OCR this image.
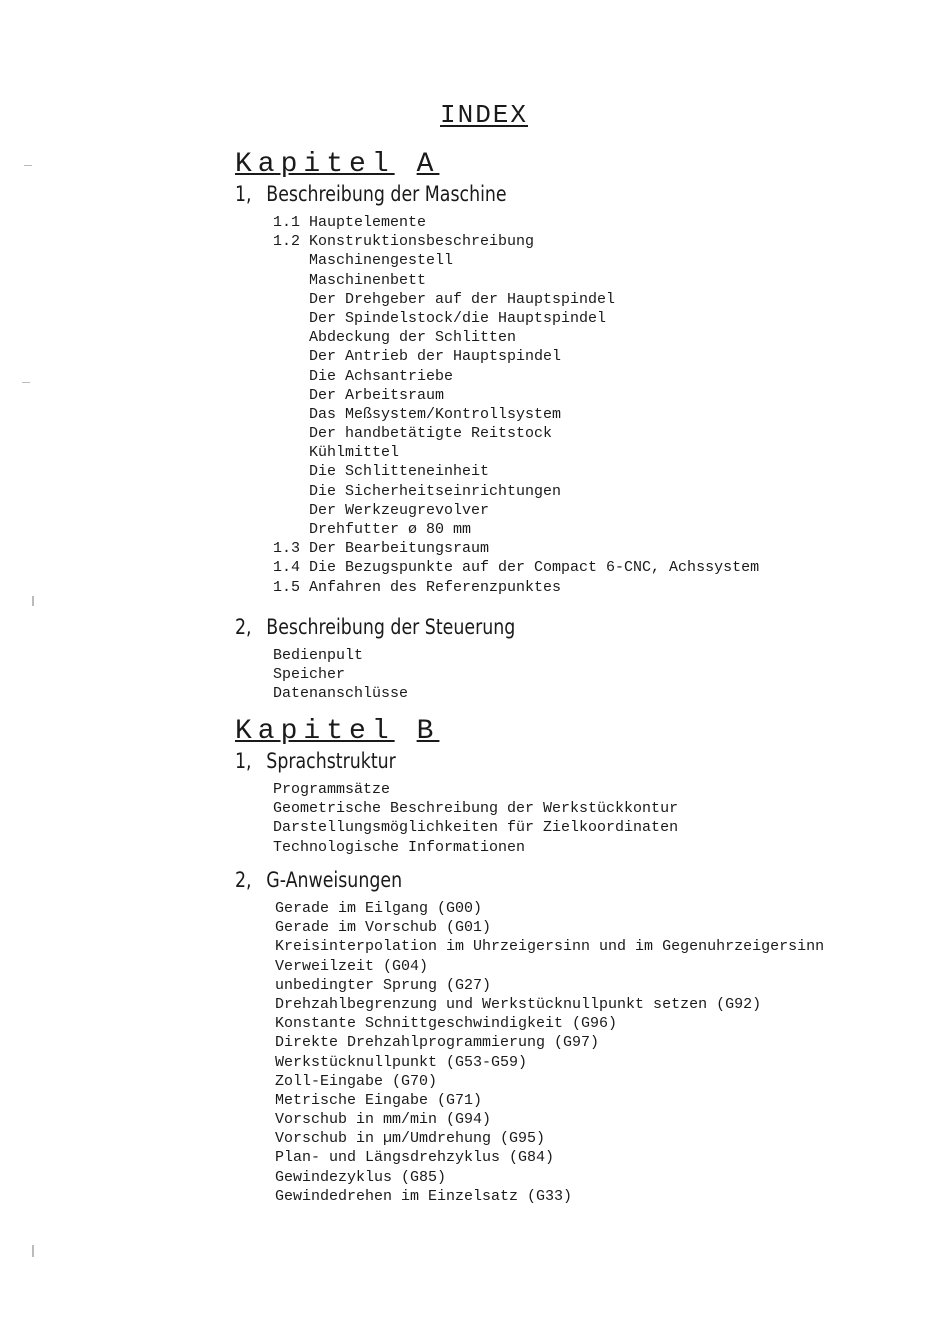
INDEX
Kapitel A
1, Beschreibung der Maschine
1.1 Hauptelemente
1.2 Konstruktionsbeschreibung
Maschinengestell
Maschinenbett
Der Drehgeber auf der Hauptspindel
Der Spindelstock/die Hauptspindel
Abdeckung der Schlitten
Der Antrieb der Hauptspindel
Die Achsantriebe
Der Arbeitsraum
Das Meßsystem/Kontrollsystem
Der handbetätigte Reitstock
Kühlmittel
Die Schlitteneinheit
Die Sicherheitseinrichtungen
Der Werkzeugrevolver
Drehfutter ø 80 mm
1.3 Der Bearbeitungsraum
1.4 Die Bezugspunkte auf der Compact 6-CNC, Achssystem
1.5 Anfahren des Referenzpunktes
2, Beschreibung der Steuerung
Bedienpult
Speicher
Datenanschlüsse
Kapitel B
1, Sprachstruktur
Programmsätze
Geometrische Beschreibung der Werkstückkontur
Darstellungsmöglichkeiten für Zielkoordinaten
Technologische Informationen
2, G-Anweisungen
Gerade im Eilgang (G00)
Gerade im Vorschub (G01)
Kreisinterpolation im Uhrzeigersinn und im Gegenuhrzeigersinn
Verweilzeit (G04)
unbedingter Sprung (G27)
Drehzahlbegrenzung und Werkstücknullpunkt setzen (G92)
Konstante Schnittgeschwindigkeit (G96)
Direkte Drehzahlprogrammierung (G97)
Werkstücknullpunkt (G53-G59)
Zoll-Eingabe (G70)
Metrische Eingabe (G71)
Vorschub in mm/min (G94)
Vorschub in µm/Umdrehung (G95)
Plan- und Längsdrehzyklus (G84)
Gewindezyklus (G85)
Gewindedrehen im Einzelsatz (G33)
